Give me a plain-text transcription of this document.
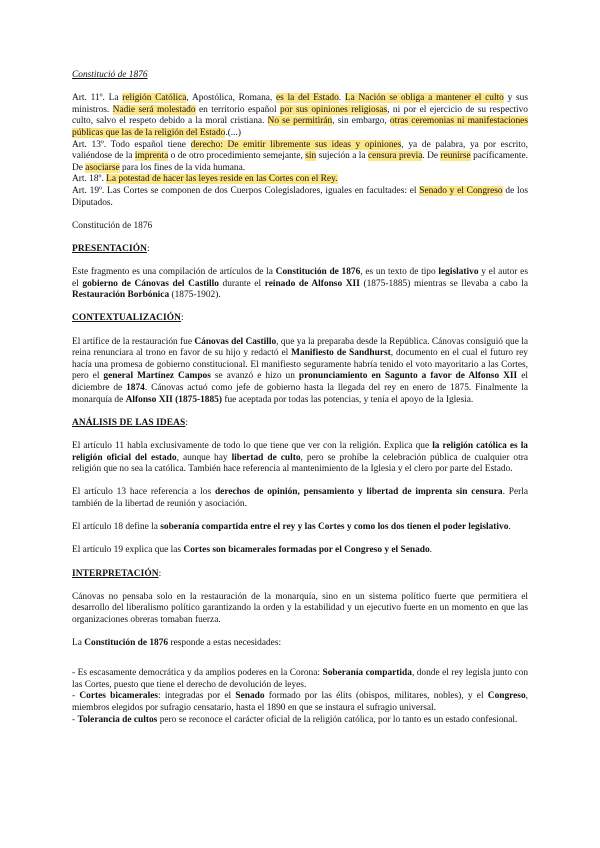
Constitució de 1876

Art. 11º. La religión Católica, Apostólica, Romana, es la del Estado. La Nación se obliga a mantener el culto y sus ministros. Nadie será molestado en territorio español por sus opiniones religiosas, ni por el ejercicio de su respectivo culto, salvo el respeto debido a la moral cristiana. No se permitirán, sin embargo, otras ceremonias ni manifestaciones públicas que las de la religión del Estado.(...)

Art. 13º. Todo español tiene derecho: De emitir libremente sus ideas y opiniones, ya de palabra, ya por escrito, valiéndose de la imprenta o de otro procedimiento semejante, sin sujeción a la censura previa. De reunirse pacíficamente. De asociarse para los fines de la vida humana.

Art. 18º. La potestad de hacer las leyes reside en las Cortes con el Rey.

Art. 19º. Las Cortes se componen de dos Cuerpos Colegisladores, iguales en facultades: el Senado y el Congreso de los Diputados.

Constitución de 1876

PRESENTACIÓN:

Este fragmento es una compilación de artículos de la Constitución de 1876, es un texto de tipo legislativo y el autor es el gobierno de Cánovas del Castillo durante el reinado de Alfonso XII (1875-1885) mientras se llevaba a cabo la Restauración Borbónica (1875-1902).

CONTEXTUALIZACIÓN:

El artífice de la restauración fue Cánovas del Castillo, que ya la preparaba desde la República. Cánovas consiguió que la reina renunciara al trono en favor de su hijo y redactó el Manifiesto de Sandhurst, documento en el cual el futuro rey hacía una promesa de gobierno constitucional. El manifiesto seguramente habría tenido el voto mayoritario a las Cortes, pero el general Martínez Campos se avanzó e hizo un pronunciamiento en Sagunto a favor de Alfonso XII el diciembre de 1874. Cánovas actuó como jefe de gobierno hasta la llegada del rey en enero de 1875. Finalmente la monarquía de Alfonso XII (1875-1885) fue aceptada por todas las potencias, y tenía el apoyo de la Iglesia.

ANÁLISIS DE LAS IDEAS:

El artículo 11 habla exclusivamente de todo lo que tiene que ver con la religión. Explica que la religión católica es la religión oficial del estado, aunque hay libertad de culto, pero se prohíbe la celebración pública de cualquier otra religión que no sea la católica. También hace referencia al mantenimiento de la Iglesia y el clero por parte del Estado.

El artículo 13 hace referencia a los derechos de opinión, pensamiento y libertad de imprenta sin censura. Perla también de la libertad de reunión y asociación.

El artículo 18 define la soberanía compartida entre el rey y las Cortes y como los dos tienen el poder legislativo.

El artículo 19 explica que las Cortes son bicamerales formadas por el Congreso y el Senado.

INTERPRETACIÓN:

Cánovas no pensaba solo en la restauración de la monarquía, sino en un sistema político fuerte que permitiera el desarrollo del liberalismo político garantizando la orden y la estabilidad y un ejecutivo fuerte en un momento en que las organizaciones obreras tomaban fuerza.

La Constitución de 1876 responde a estas necesidades:

- Es escasamente democrática y da amplios poderes en la Corona: Soberanía compartida, donde el rey legisla junto con las Cortes, puesto que tiene el derecho de devolución de leyes.

- Cortes bicamerales: integradas por el Senado formado por las élits (obispos, militares, nobles), y el Congreso, miembros elegidos por sufragio censatario, hasta el 1890 en que se instaura el sufragio universal.

- Tolerancia de cultos pero se reconoce el carácter oficial de la religión católica, por lo tanto es un estado confesional.
